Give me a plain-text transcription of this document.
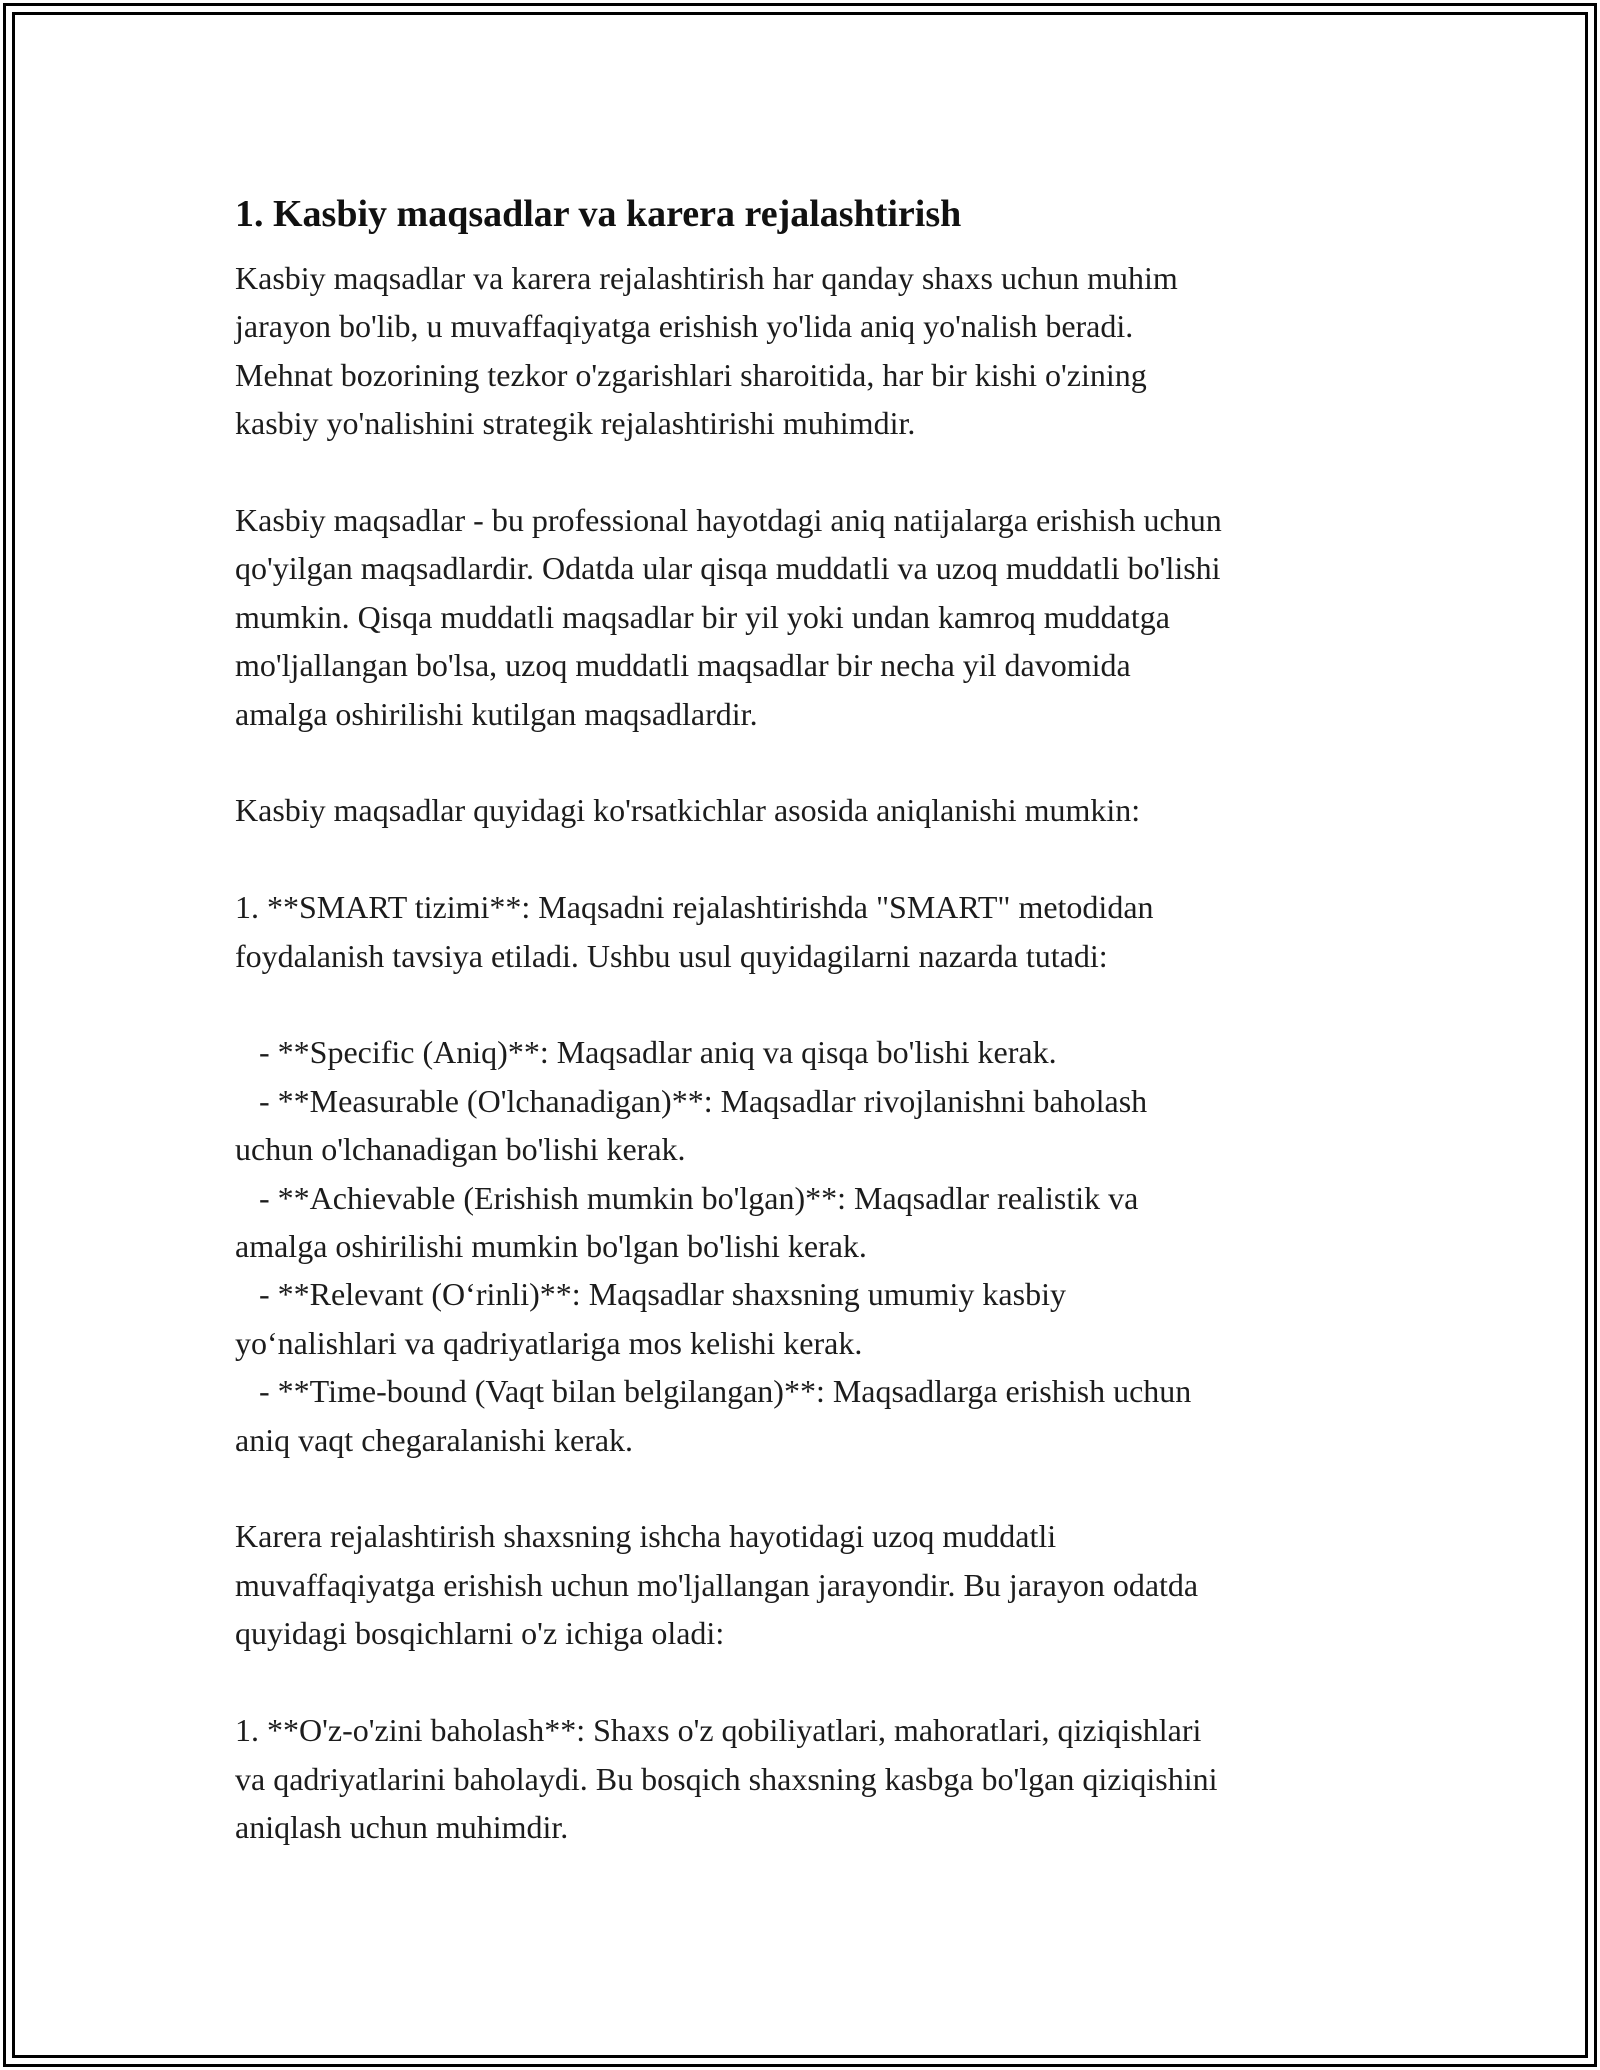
1. Kasbiy maqsadlar va karera rejalashtirish

Kasbiy maqsadlar va karera rejalashtirish har qanday shaxs uchun muhim
jarayon bo'lib, u muvaffaqiyatga erishish yo'lida aniq yo'nalish beradi.
Mehnat bozorining tezkor o'zgarishlari sharoitida, har bir kishi o'zining
kasbiy yo'nalishini strategik rejalashtirishi muhimdir.

Kasbiy maqsadlar - bu professional hayotdagi aniq natijalarga erishish uchun
qo'yilgan maqsadlardir. Odatda ular qisqa muddatli va uzoq muddatli bo'lishi
mumkin. Qisqa muddatli maqsadlar bir yil yoki undan kamroq muddatga
mo'ljallangan bo'lsa, uzoq muddatli maqsadlar bir necha yil davomida
amalga oshirilishi kutilgan maqsadlardir.

Kasbiy maqsadlar quyidagi ko'rsatkichlar asosida aniqlanishi mumkin:

1. **SMART tizimi**: Maqsadni rejalashtirishda "SMART" metodidan
foydalanish tavsiya etiladi. Ushbu usul quyidagilarni nazarda tutadi:

- **Specific (Aniq)**: Maqsadlar aniq va qisqa bo'lishi kerak.
- **Measurable (O'lchanadigan)**: Maqsadlar rivojlanishni baholash
uchun o'lchanadigan bo'lishi kerak.
- **Achievable (Erishish mumkin bo'lgan)**: Maqsadlar realistik va
amalga oshirilishi mumkin bo'lgan bo'lishi kerak.
- **Relevant (O‘rinli)**: Maqsadlar shaxsning umumiy kasbiy
yo‘nalishlari va qadriyatlariga mos kelishi kerak.
- **Time-bound (Vaqt bilan belgilangan)**: Maqsadlarga erishish uchun
aniq vaqt chegaralanishi kerak.

Karera rejalashtirish shaxsning ishcha hayotidagi uzoq muddatli
muvaffaqiyatga erishish uchun mo'ljallangan jarayondir. Bu jarayon odatda
quyidagi bosqichlarni o'z ichiga oladi:

1. **O'z-o'zini baholash**: Shaxs o'z qobiliyatlari, mahoratlari, qiziqishlari
va qadriyatlarini baholaydi. Bu bosqich shaxsning kasbga bo'lgan qiziqishini
aniqlash uchun muhimdir.
